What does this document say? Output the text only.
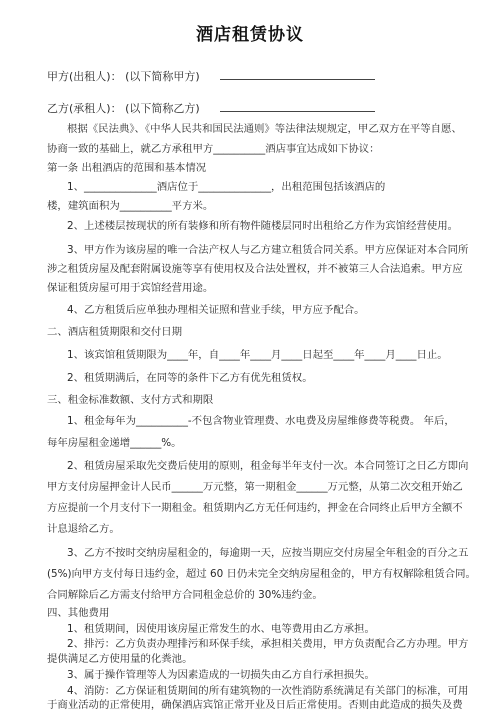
酒店租赁协议
甲方(出租人)： (以下简称甲方)
乙方(承租人)： (以下简称乙方)
根据《民法典》、《中华人民共和国民法通则》等法律法规规定，甲乙双方在平等自愿、
协商一致的基础上，就乙方承租甲方__________酒店事宜达成如下协议：
第一条 出租酒店的范围和基本情况
1、______________酒店位于______________，出租范围包括该酒店的
楼，建筑面积为__________平方米。
2、上述楼层按现状的所有装修和所有物件随楼层同时出租给乙方作为宾馆经营使用。
3、甲方作为该房屋的唯一合法产权人与乙方建立租赁合同关系。甲方应保证对本合同所
涉之租赁房屋及配套附属设施等享有使用权及合法处置权，并不被第三人合法追索。甲方应
保证租赁房屋可用于宾馆经营用途。
4、乙方租赁后应单独办理相关证照和营业手续，甲方应予配合。
二、酒店租赁期限和交付日期
1、该宾馆租赁期限为____年，自____年____月____日起至____年____月____日止。
2、租赁期满后，在同等的条件下乙方有优先租赁权。
三、租金标准数额、支付方式和期限
1、租金每年为__________-不包含物业管理费、水电费及房屋维修费等税费。 年后，
每年房屋租金递增______%。
2、租赁房屋采取先交费后使用的原则，租金每半年支付一次。本合同签订之日乙方即向
甲方支付房屋押金计人民币______万元整，第一期租金______万元整，从第二次交租开始乙
方应提前一个月支付下一期租金。租赁期内乙方无任何违约，押金在合同终止后甲方全额不
计息退给乙方。
3、乙方不按时交纳房屋租金的，每逾期一天，应按当期应交付房屋全年租金的百分之五
(5%)向甲方支付每日违约金，超过 60 日仍未完全交纳房屋租金的，甲方有权解除租赁合同。
合同解除后乙方需支付给甲方合同租金总价的 30%违约金。
四、其他费用
1、租赁期间，因使用该房屋正常发生的水、电等费用由乙方承担。
2、排污：乙方负责办理排污和环保手续，承担相关费用，甲方负责配合乙方办理。甲方
提供满足乙方使用量的化粪池。
3、属于操作管理等人为因素造成的一切损失由乙方自行承担损失。
4、消防：乙方保证租赁期间的所有建筑物的一次性消防系统满足有关部门的标准，可用
于商业活动的正常使用，确保酒店宾馆正常开业及日后正常使用。否则由此造成的损失及费
